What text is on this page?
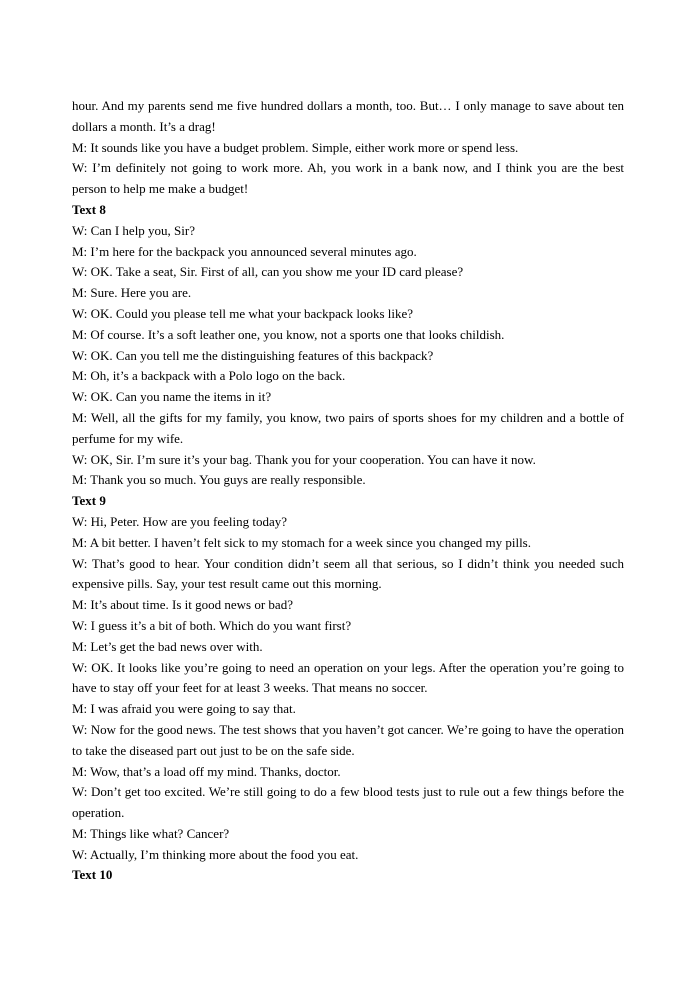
hour. And my parents send me five hundred dollars a month, too. But… I only manage to save about ten dollars a month. It’s a drag!

M: It sounds like you have a budget problem. Simple, either work more or spend less.

W: I’m definitely not going to work more. Ah, you work in a bank now, and I think you are the best person to help me make a budget!

Text 8

W: Can I help you, Sir?

M: I’m here for the backpack you announced several minutes ago.

W: OK. Take a seat, Sir. First of all, can you show me your ID card please?

M: Sure. Here you are.

W: OK. Could you please tell me what your backpack looks like?

M: Of course. It’s a soft leather one, you know, not a sports one that looks childish.

W: OK. Can you tell me the distinguishing features of this backpack?

M: Oh, it’s a backpack with a Polo logo on the back.

W: OK. Can you name the items in it?

M: Well, all the gifts for my family, you know, two pairs of sports shoes for my children and a bottle of perfume for my wife.

W: OK, Sir. I’m sure it’s your bag. Thank you for your cooperation. You can have it now.

M: Thank you so much. You guys are really responsible.

Text 9

W: Hi, Peter. How are you feeling today?

M: A bit better. I haven’t felt sick to my stomach for a week since you changed my pills.

W: That’s good to hear. Your condition didn’t seem all that serious, so I didn’t think you needed such expensive pills. Say, your test result came out this morning.

M: It’s about time. Is it good news or bad?

W: I guess it’s a bit of both. Which do you want first?

M: Let’s get the bad news over with.

W: OK. It looks like you’re going to need an operation on your legs. After the operation you’re going to have to stay off your feet for at least 3 weeks. That means no soccer.

M: I was afraid you were going to say that.

W: Now for the good news. The test shows that you haven’t got cancer. We’re going to have the operation to take the diseased part out just to be on the safe side.

M: Wow, that’s a load off my mind. Thanks, doctor.

W: Don’t get too excited. We’re still going to do a few blood tests just to rule out a few things before the operation.

M: Things like what? Cancer?

W: Actually, I’m thinking more about the food you eat.

Text 10
